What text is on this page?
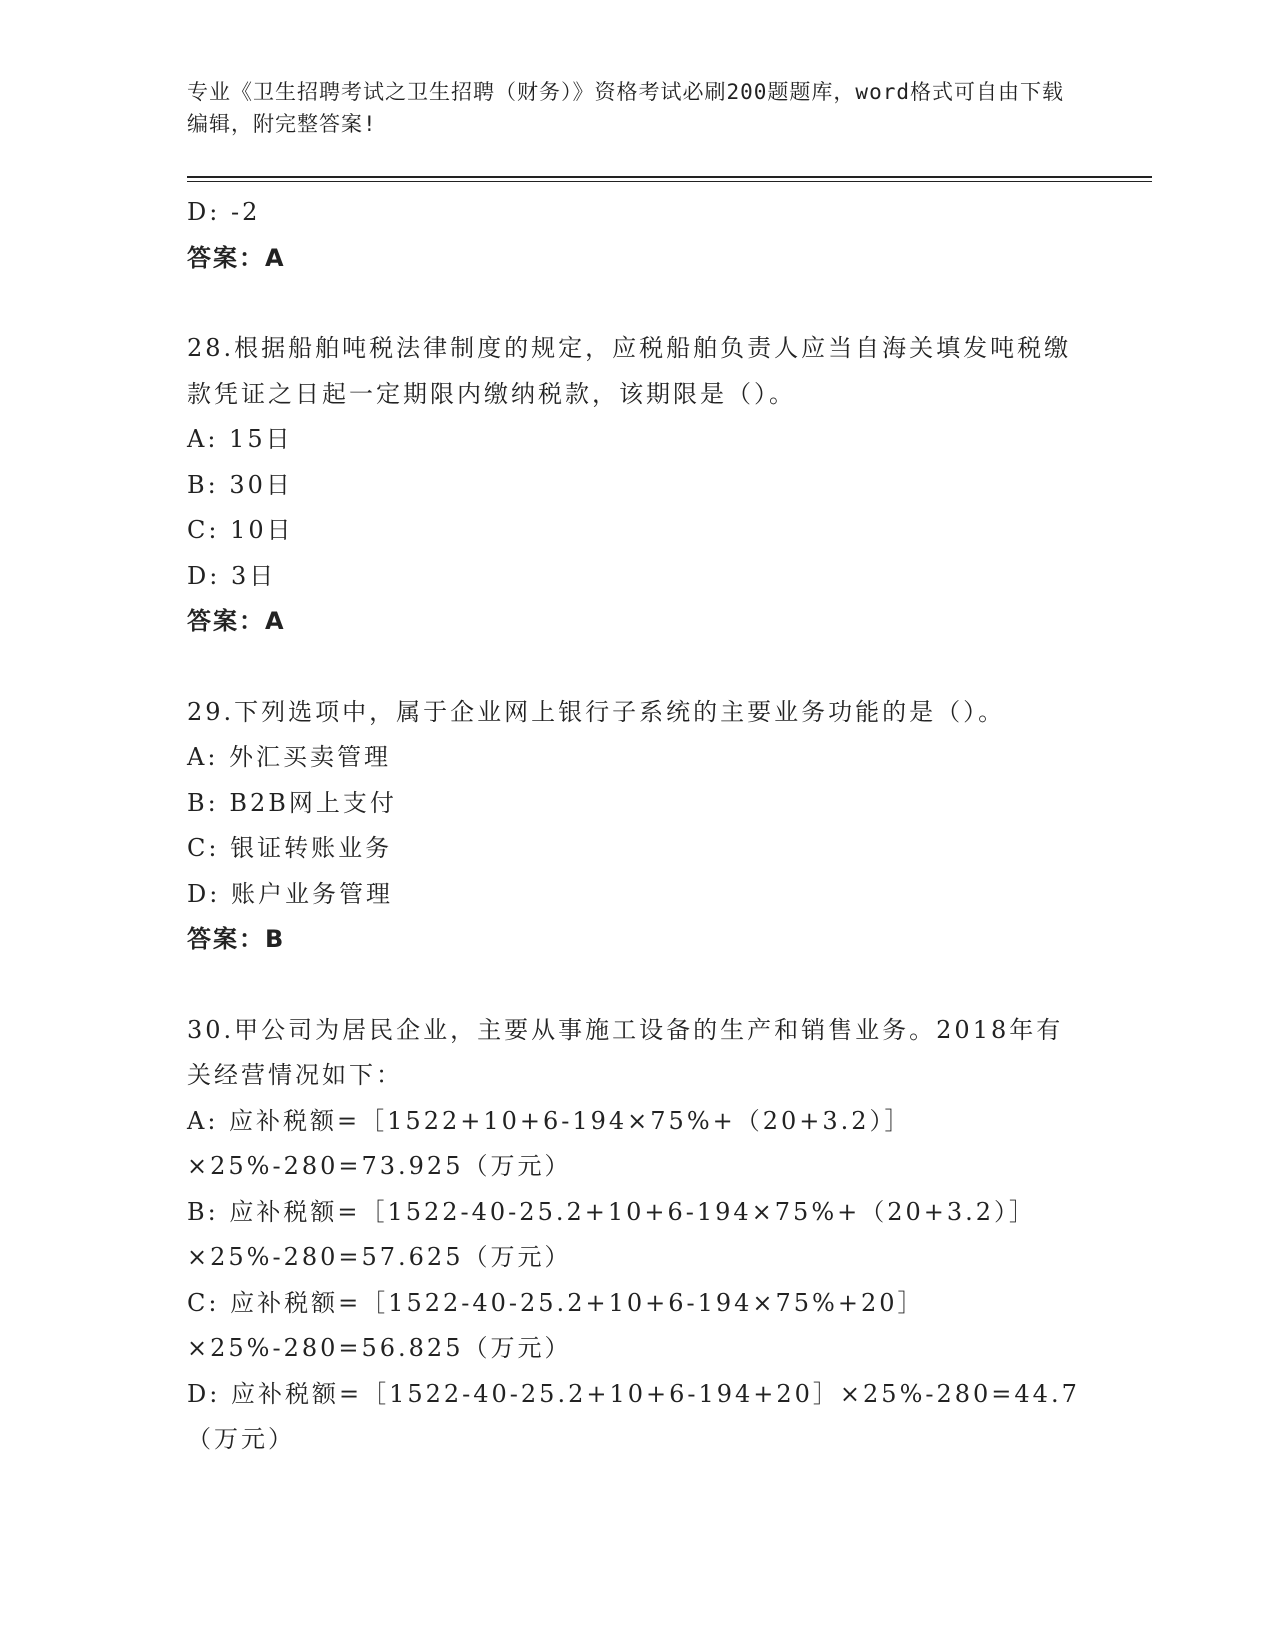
专业《卫生招聘考试之卫生招聘（财务）》资格考试必刷200题题库，word格式可自由下载编辑，附完整答案!

D: -2

答案：A

28.根据船舶吨税法律制度的规定，应税船舶负责人应当自海关填发吨税缴款凭证之日起一定期限内缴纳税款，该期限是（）。

A: 15日

B: 30日

C: 10日

D: 3日

答案：A

29.下列选项中，属于企业网上银行子系统的主要业务功能的是（）。

A: 外汇买卖管理

B: B2B网上支付

C: 银证转账业务

D: 账户业务管理

答案：B

30.甲公司为居民企业，主要从事施工设备的生产和销售业务。2018年有关经营情况如下：

A: 应补税额=［1522+10+6-194×75%+（20+3.2）］×25%-280=73.925（万元）

B: 应补税额=［1522-40-25.2+10+6-194×75%+（20+3.2）］×25%-280=57.625（万元）

C: 应补税额=［1522-40-25.2+10+6-194×75%+20］×25%-280=56.825（万元）

D: 应补税额=［1522-40-25.2+10+6-194+20］×25%-280=44.7（万元）
